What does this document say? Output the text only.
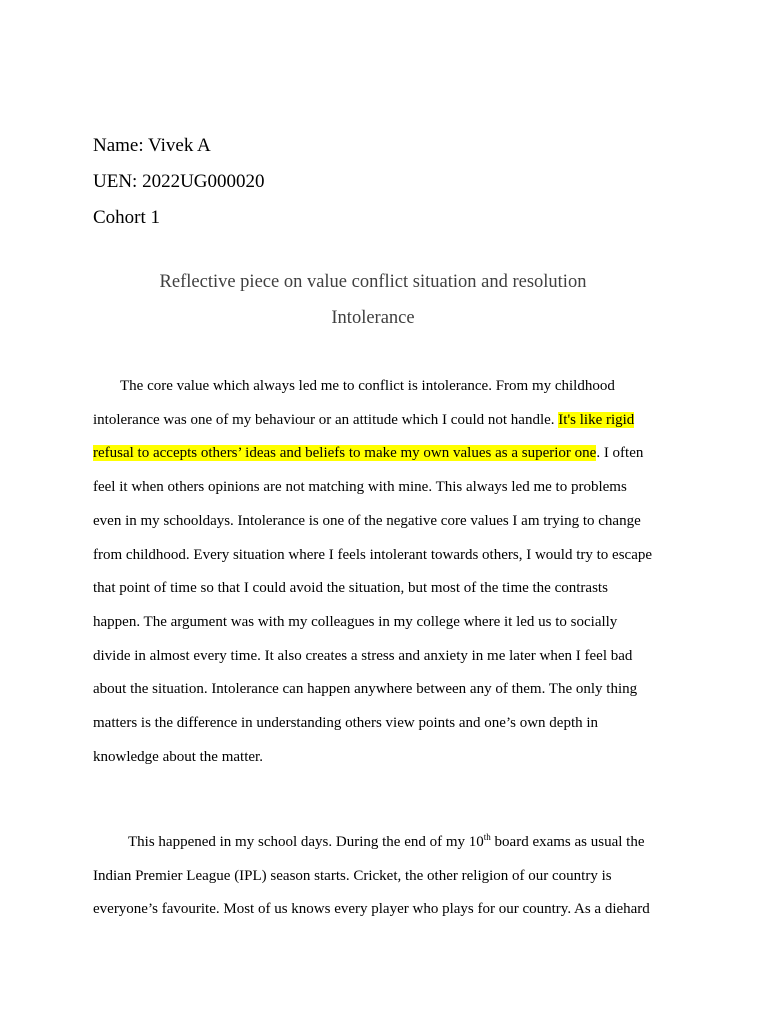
Name: Vivek A
UEN: 2022UG000020
Cohort 1
Reflective piece on value conflict situation and resolution
Intolerance
The core value which always led me to conflict is intolerance. From my childhood
intolerance was one of my behaviour or an attitude which I could not handle. It's like rigid
refusal to accepts others’ ideas and beliefs to make my own values as a superior one. I often
feel it when others opinions are not matching with mine. This always led me to problems
even in my schooldays. Intolerance is one of the negative core values I am trying to change
from childhood. Every situation where I feels intolerant towards others, I would try to escape
that point of time so that I could avoid the situation, but most of the time the contrasts
happen. The argument was with my colleagues in my college where it led us to socially
divide in almost every time. It also creates a stress and anxiety in me later when I feel bad
about the situation. Intolerance can happen anywhere between any of them. The only thing
matters is the difference in understanding others view points and one’s own depth in
knowledge about the matter.
This happened in my school days. During the end of my 10th board exams as usual the
Indian Premier League (IPL) season starts. Cricket, the other religion of our country is
everyone’s favourite. Most of us knows every player who plays for our country. As a diehard
